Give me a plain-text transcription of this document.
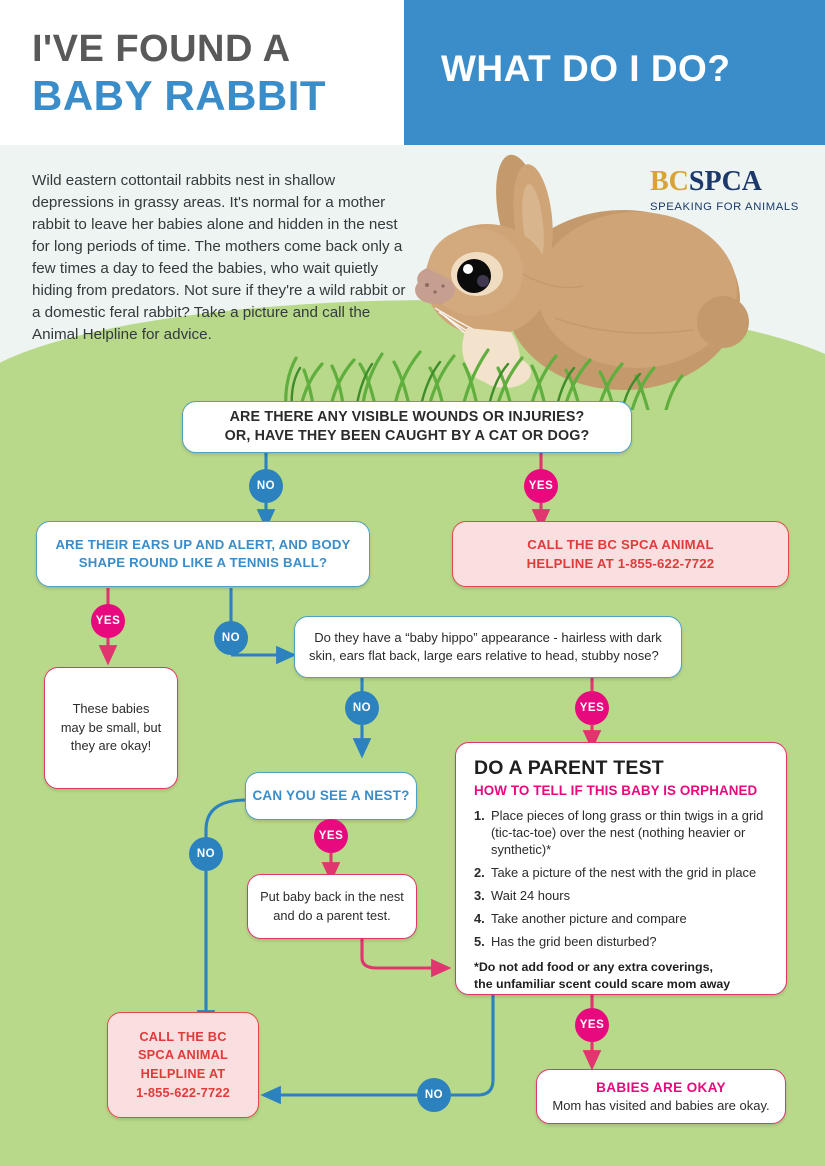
I'VE FOUND A
BABY RABBIT
WHAT DO I DO?
BCSPCA
SPEAKING FOR ANIMALS
Wild eastern cottontail rabbits nest in shallow depressions in grassy areas. It's normal for a mother rabbit to leave her babies alone and hidden in the nest for long periods of time. The mothers come back only a few times a day to feed the babies, who wait quietly hiding from predators. Not sure if they're a wild rabbit or a domestic feral rabbit? Take a picture and call the Animal Helpline for advice.
ARE THERE ANY VISIBLE WOUNDS OR INJURIES?
OR, HAVE THEY BEEN CAUGHT BY A CAT OR DOG?
NO	YES
ARE THEIR EARS UP AND ALERT, AND BODY
SHAPE ROUND LIKE A TENNIS BALL?
CALL THE BC SPCA ANIMAL
HELPLINE AT 1-855-622-7722
YES
NO	Do they have a “baby hippo” appearance - hairless with dark
skin, ears flat back, large ears relative to head, stubby nose?
These babies
may be small, but
they are okay!
NO	YES
CAN YOU SEE A NEST?
NO
YES
Put baby back in the nest
and do a parent test.
DO A PARENT TEST
HOW TO TELL IF THIS BABY IS ORPHANED
1. Place pieces of long grass or thin twigs in a grid (tic-tac-toe) over the nest (nothing heavier or synthetic)*
2. Take a picture of the nest with the grid in place
3. Wait 24 hours
4. Take another picture and compare
5. Has the grid been disturbed?
*Do not add food or any extra coverings,
the unfamiliar scent could scare mom away
YES
NO
CALL THE BC
SPCA ANIMAL
HELPLINE AT
1-855-622-7722	BABIES ARE OKAY
Mom has visited and babies are okay.
